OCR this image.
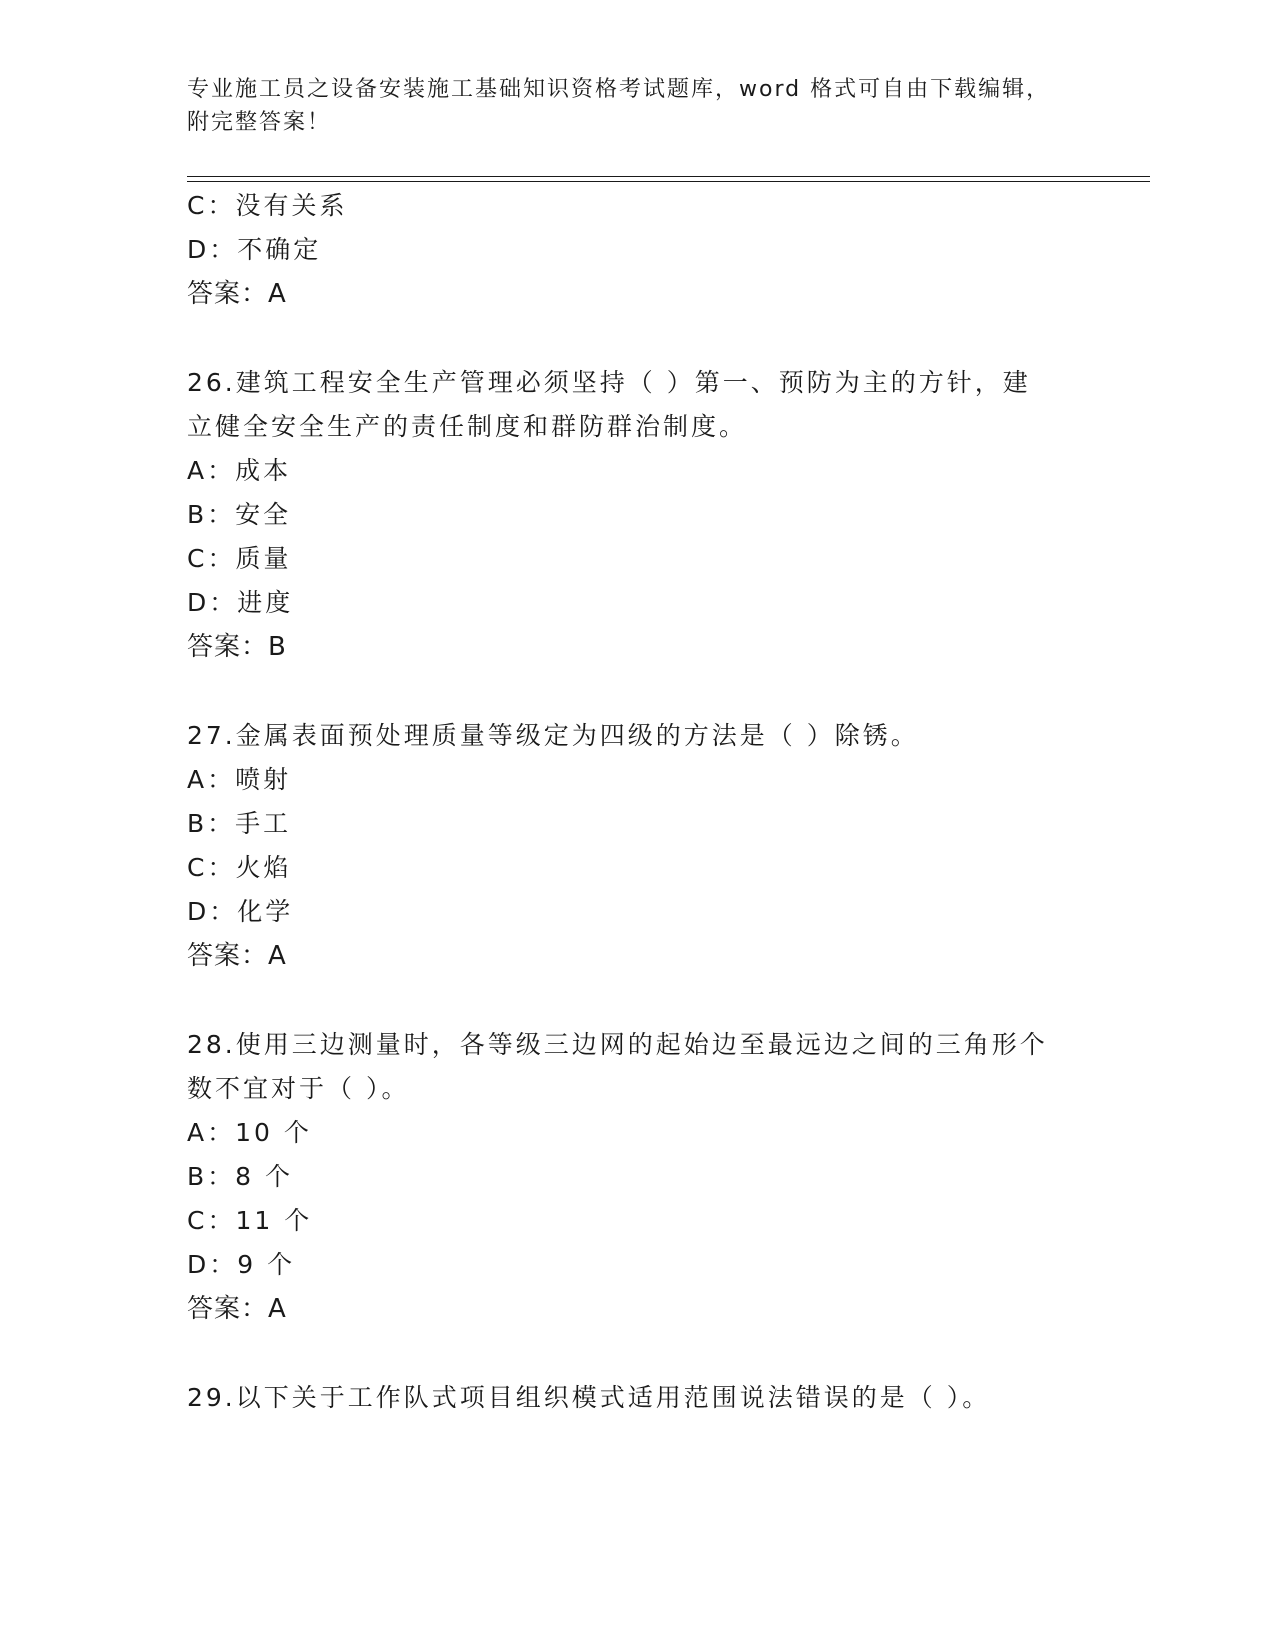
专业施工员之设备安装施工基础知识资格考试题库，word 格式可自由下载编辑，
附完整答案！
C：没有关系
D：不确定
答案：A
26.建筑工程安全生产管理必须坚持（ ）第一、预防为主的方针，建
立健全安全生产的责任制度和群防群治制度。
A：成本
B：安全
C：质量
D：进度
答案：B
27.金属表面预处理质量等级定为四级的方法是（ ）除锈。
A：喷射
B：手工
C：火焰
D：化学
答案：A
28.使用三边测量时，各等级三边网的起始边至最远边之间的三角形个
数不宜对于（ ）。
A：10 个
B：8 个
C：11 个
D：9 个
答案：A
29.以下关于工作队式项目组织模式适用范围说法错误的是（ ）。
